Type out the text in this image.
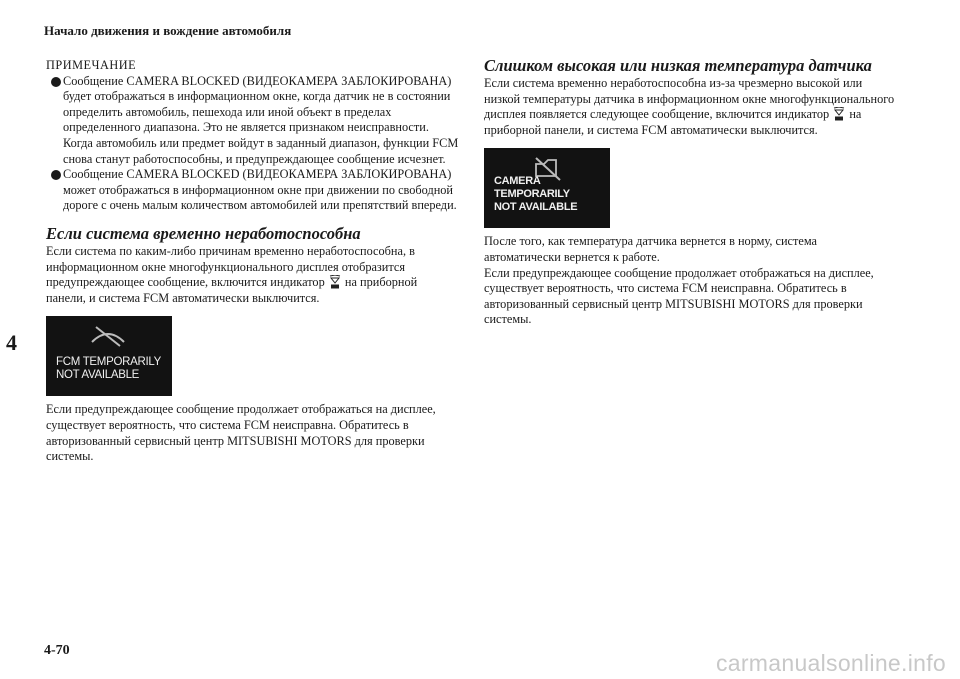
Начало движения и вождение автомобиля
4

ПРИМЕЧАНИЕ

Сообщение CAMERA BLOCKED (ВИДЕОКАМЕРА ЗАБЛОКИРОВАНА) будет отображаться в информационном окне, когда датчик не в состоянии определить автомобиль, пешехода или иной объект в пределах определенного диапазона. Это не является признаком неисправности. Когда автомобиль или предмет войдут в заданный диапазон, функции FCM снова станут работоспособны, и предупреждающее сообщение исчезнет.

Сообщение CAMERA BLOCKED (ВИДЕОКАМЕРА ЗАБЛОКИРОВАНА) может отображаться в информационном окне при движении по свободной дороге с очень малым количеством автомобилей или препятствий впереди.

Если система временно неработоспособна

Если система по каким-либо причинам временно неработоспособна, в информационном окне многофункционального дисплея отобразится предупреждающее сообщение, включится индикатор на приборной панели, и система FCM автоматически выключится.

FCM TEMPORARILY
NOT AVAILABLE

Если предупреждающее сообщение продолжает отображаться на дисплее, существует вероятность, что система FCM неисправна. Обратитесь в авторизованный сервисный центр MITSUBISHI MOTORS для проверки системы.

Слишком высокая или низкая температура датчика

Если система временно неработоспособна из-за чрезмерно высокой или низкой температуры датчика в информационном окне многофункционального дисплея появляется следующее сообщение, включится индикатор на приборной панели, и система FCM автоматически выключится.

CAMERA TEMPORARILY
NOT AVAILABLE

После того, как температура датчика вернется в норму, система автоматически вернется к работе.

Если предупреждающее сообщение продолжает отображаться на дисплее, существует вероятность, что система FCM неисправна. Обратитесь в авторизованный сервисный центр MITSUBISHI MOTORS для проверки системы.

4-70	carmanualsonline.info
